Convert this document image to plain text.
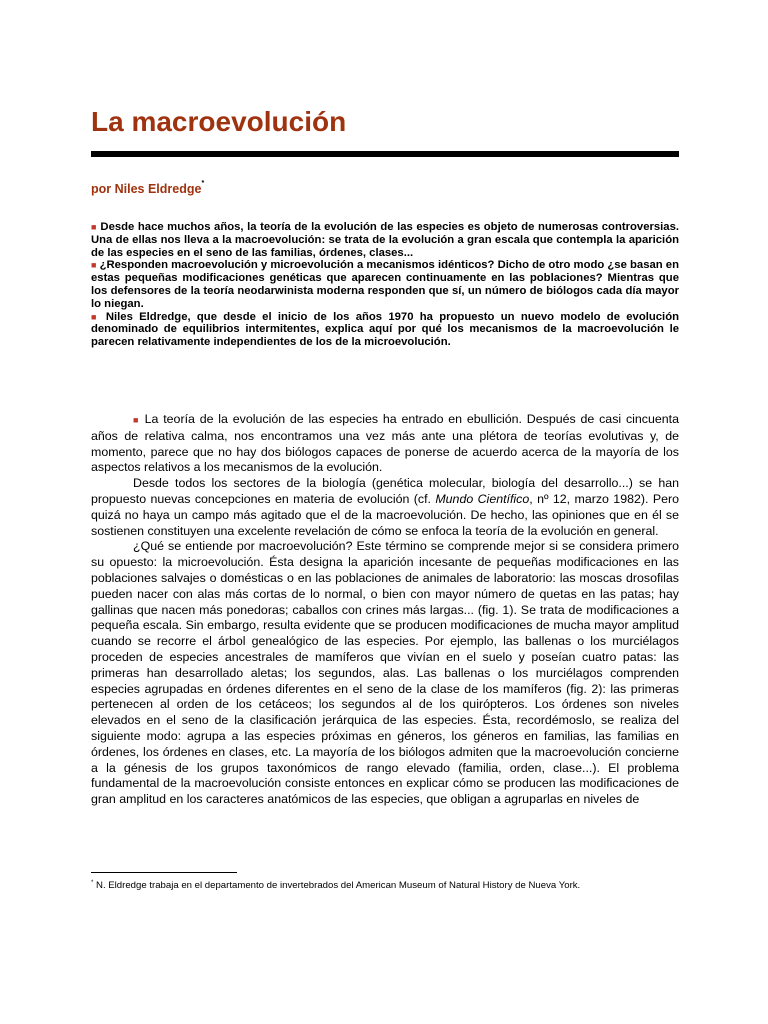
La macroevolución
por Niles Eldredge*

■ Desde hace muchos años, la teoría de la evolución de las especies es objeto de numerosas controversias. Una de ellas nos lleva a la macroevolución: se trata de la evolución a gran escala que contempla la aparición de las especies en el seno de las familias, órdenes, clases...

■ ¿Responden macroevolución y microevolución a mecanismos idénticos? Dicho de otro modo ¿se basan en estas pequeñas modificaciones genéticas que aparecen continuamente en las poblaciones? Mientras que los defensores de la teoría neodarwinista moderna responden que sí, un número de biólogos cada día mayor lo niegan.

■ Niles Eldredge, que desde el inicio de los años 1970 ha propuesto un nuevo modelo de evolución denominado de equilibrios intermitentes, explica aquí por qué los mecanismos de la macroevolución le parecen relativamente independientes de los de la microevolución.

■ La teoría de la evolución de las especies ha entrado en ebullición. Después de casi cincuenta años de relativa calma, nos encontramos una vez más ante una plétora de teorías evolutivas y, de momento, parece que no hay dos biólogos capaces de ponerse de acuerdo acerca de la mayoría de los aspectos relativos a los mecanismos de la evolución.

Desde todos los sectores de la biología (genética molecular, biología del desarrollo...) se han propuesto nuevas concepciones en materia de evolución (cf. Mundo Científico, nº 12, marzo 1982). Pero quizá no haya un campo más agitado que el de la macroevolución. De hecho, las opiniones que en él se sostienen constituyen una excelente revelación de cómo se enfoca la teoría de la evolución en general.

¿Qué se entiende por macroevolución? Este término se comprende mejor si se considera primero su opuesto: la microevolución. Ésta designa la aparición incesante de pequeñas modificaciones en las poblaciones salvajes o domésticas o en las poblaciones de animales de laboratorio: las moscas drosofilas pueden nacer con alas más cortas de lo normal, o bien con mayor número de quetas en las patas; hay gallinas que nacen más ponedoras; caballos con crines más largas... (fig. 1). Se trata de modificaciones a pequeña escala. Sin embargo, resulta evidente que se producen modificaciones de mucha mayor amplitud cuando se recorre el árbol genealógico de las especies. Por ejemplo, las ballenas o los murciélagos proceden de especies ancestrales de mamíferos que vivían en el suelo y poseían cuatro patas: las primeras han desarrollado aletas; los segundos, alas. Las ballenas o los murciélagos comprenden especies agrupadas en órdenes diferentes en el seno de la clase de los mamíferos (fig. 2): las primeras pertenecen al orden de los cetáceos; los segundos al de los quirópteros. Los órdenes son niveles elevados en el seno de la clasificación jerárquica de las especies. Ésta, recordémoslo, se realiza del siguiente modo: agrupa a las especies próximas en géneros, los géneros en familias, las familias en órdenes, los órdenes en clases, etc. La mayoría de los biólogos admiten que la macroevolución concierne a la génesis de los grupos taxonómicos de rango elevado (familia, orden, clase...). El problema fundamental de la macroevolución consiste entonces en explicar cómo se producen las modificaciones de gran amplitud en los caracteres anatómicos de las especies, que obligan a agruparlas en niveles de

* N. Eldredge trabaja en el departamento de invertebrados del American Museum of Natural History de Nueva York.
